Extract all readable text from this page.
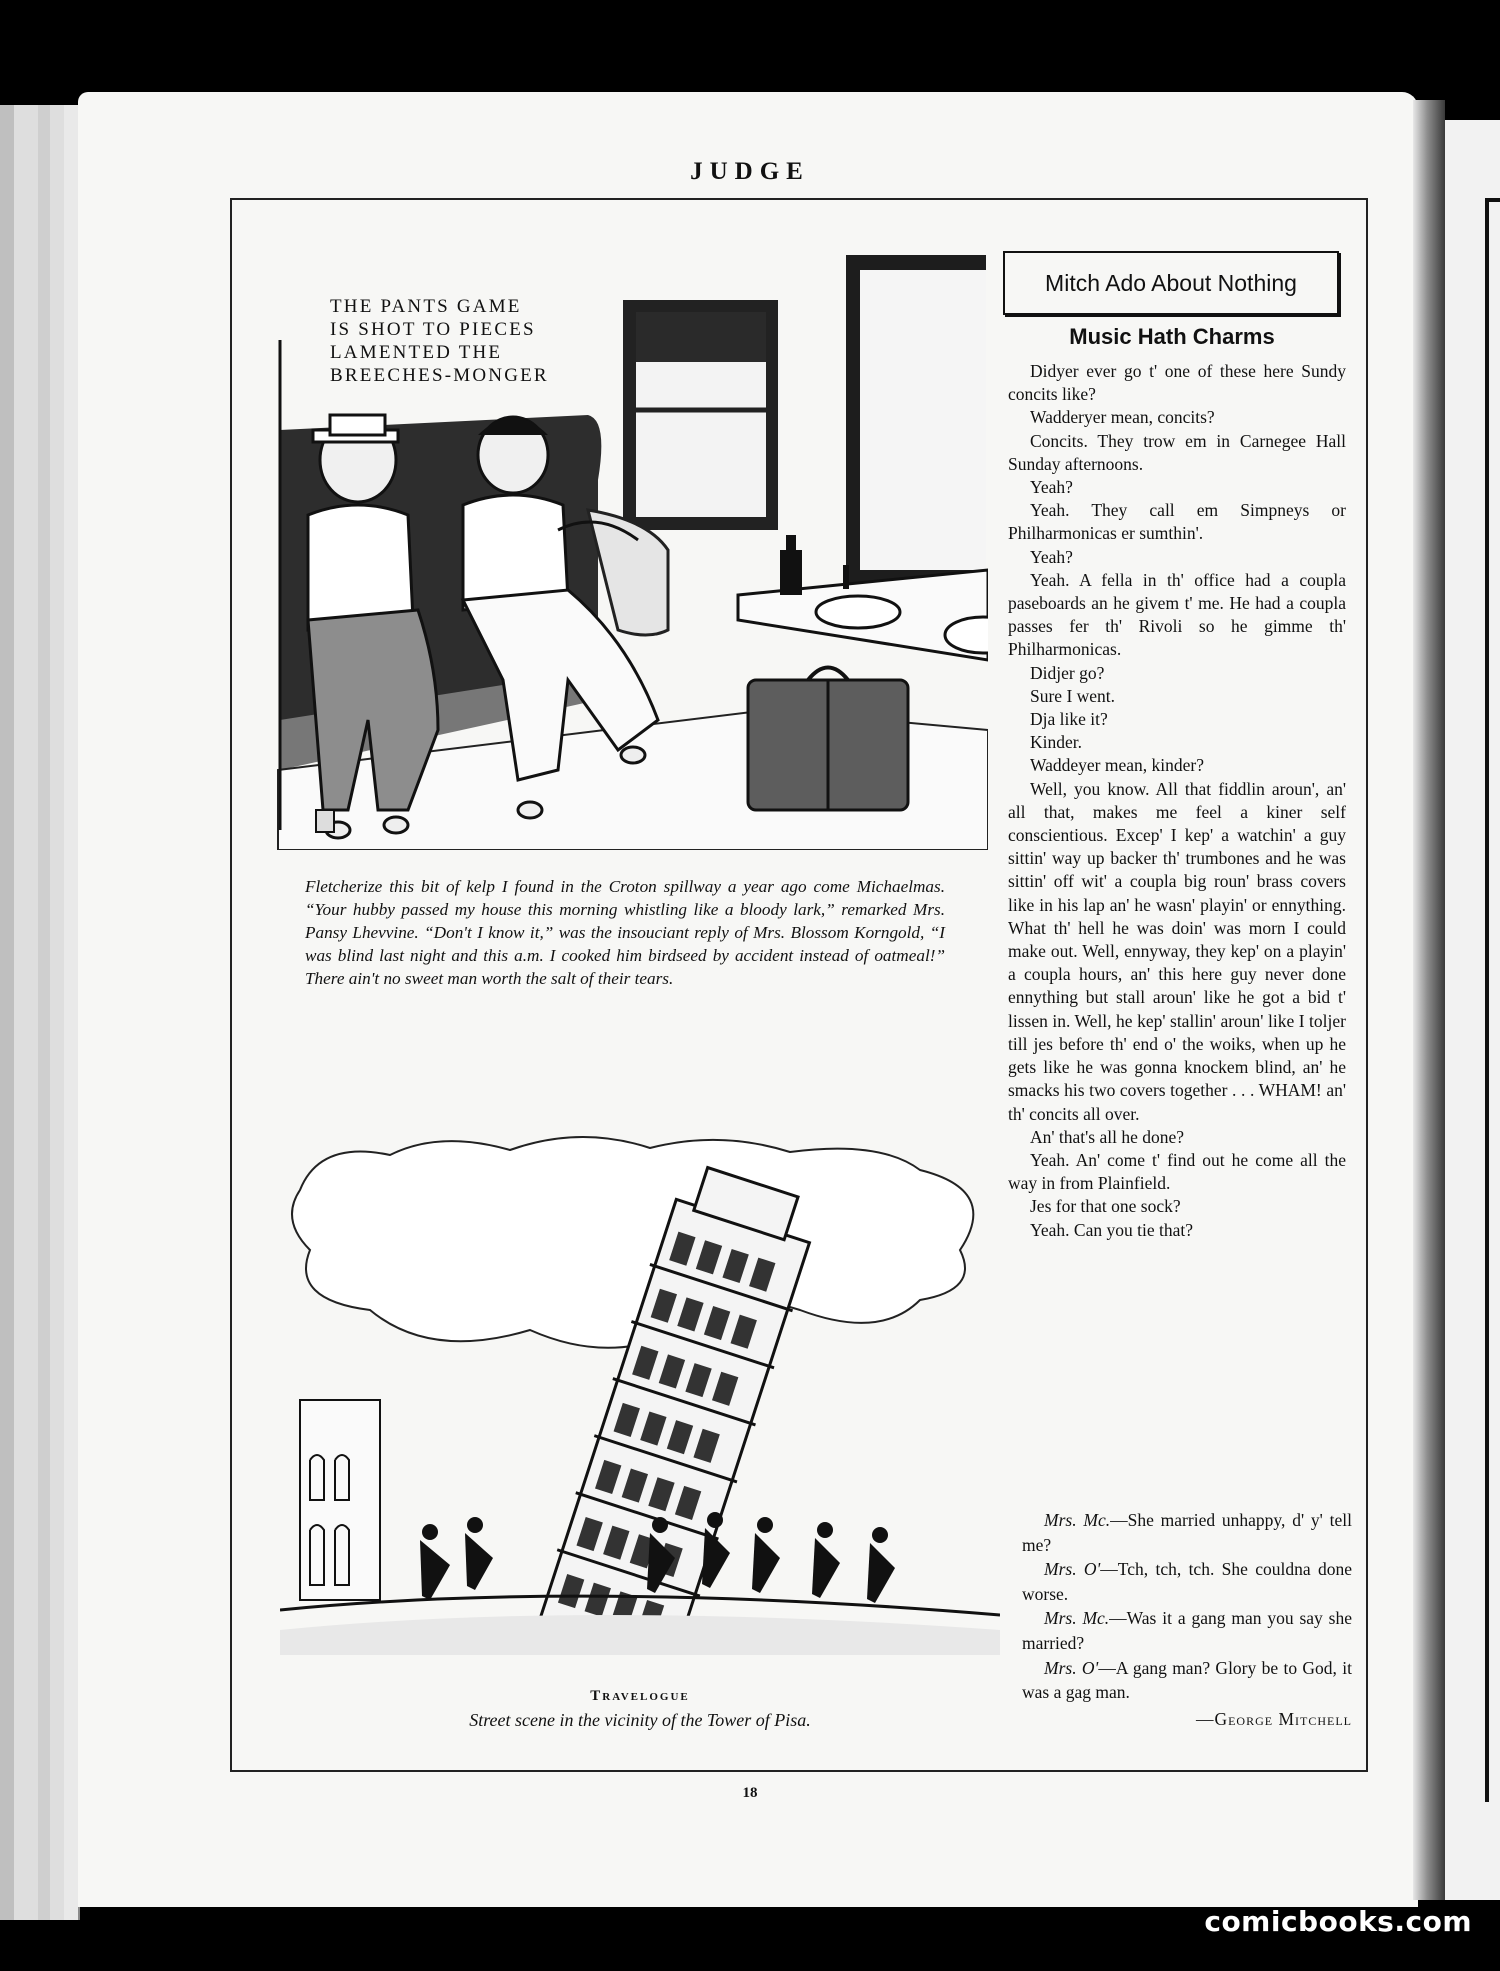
JUDGE
THE PANTS GAME
IS SHOT TO PIECES
LAMENTED THE
BREECHES-MONGER
Fletcherize this bit of kelp I found in the Croton spillway a year ago come Michaelmas. “Your hubby passed my house this morning whistling like a bloody lark,” remarked Mrs. Pansy Lhevvine. “Don't I know it,” was the insouciant reply of Mrs. Blossom Korngold, “I was blind last night and this a.m. I cooked him birdseed by accident instead of oatmeal!” There ain't no sweet man worth the salt of their tears.
Travelogue
Street scene in the vicinity of the Tower of Pisa.
Mitch Ado About Nothing
Music Hath Charms

Didyer ever go t' one of these here Sundy concits like?

Wadderyer mean, concits?

Concits. They trow em in Carnegee Hall Sunday afternoons.

Yeah?

Yeah. They call em Simpneys or Philharmonicas er sumthin'.

Yeah?

Yeah. A fella in th' office had a coupla paseboards an he givem t' me. He had a coupla passes fer th' Rivoli so he gimme th' Philharmonicas.

Didjer go?

Sure I went.

Dja like it?

Kinder.

Waddeyer mean, kinder?

Well, you know. All that fiddlin aroun', an' all that, makes me feel a kiner self conscientious. Excep' I kep' a watchin' a guy sittin' way up backer th' trumbones and he was sittin' off wit' a coupla big roun' brass covers like in his lap an' he wasn' playin' or ennything. What th' hell he was doin' was morn I could make out. Well, ennyway, they kep' on a playin' a coupla hours, an' this here guy never done ennything but stall aroun' like he got a bid t' lissen in. Well, he kep' stallin' aroun' like I toljer till jes before th' end o' the woiks, when up he gets like he was gonna knockem blind, an' he smacks his two covers together . . . WHAM! an' th' concits all over.

An' that's all he done?

Yeah. An' come t' find out he come all the way in from Plainfield.

Jes for that one sock?

Yeah. Can you tie that?

Mrs. Mc.—She married unhappy, d' y' tell me?

Mrs. O'—Tch, tch, tch. She couldna done worse.

Mrs. Mc.—Was it a gang man you say she married?

Mrs. O'—A gang man? Glory be to God, it was a gag man.

—George Mitchell
18
comicbooks.com
